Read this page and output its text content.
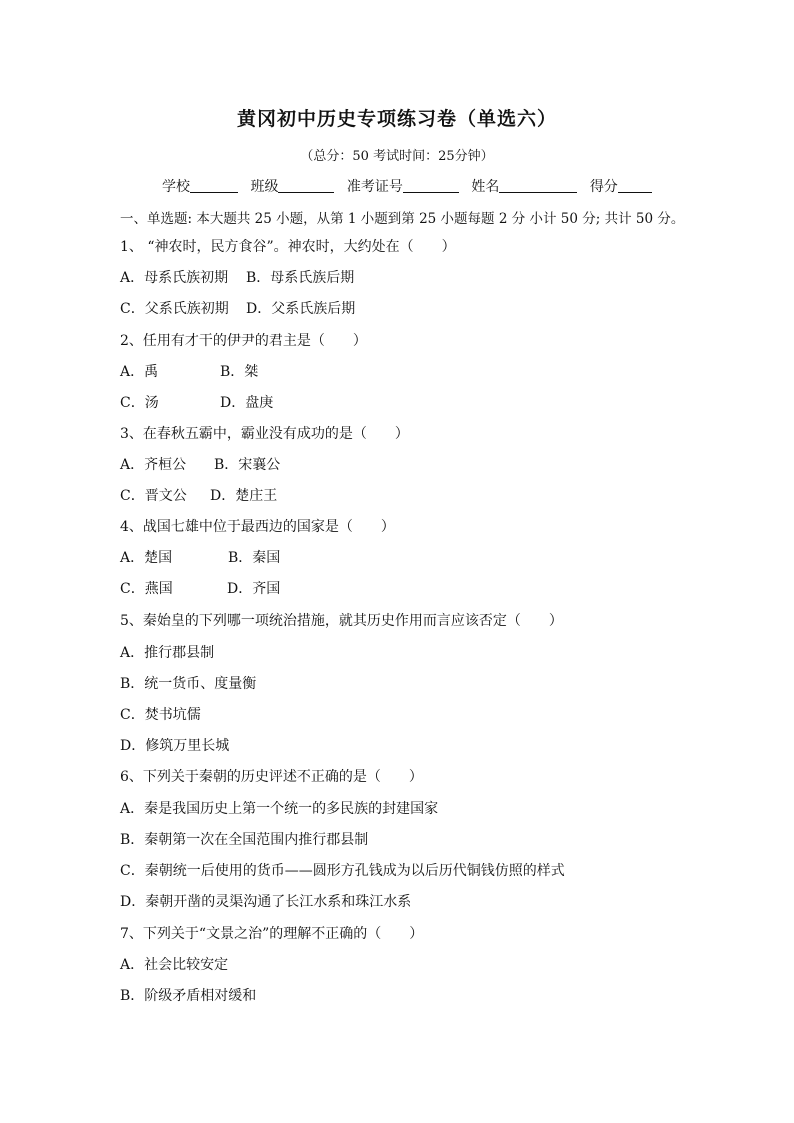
黄冈初中历史专项练习卷（单选六）
（总分：50 考试时间：25分钟）
学校	班级	准考证号	姓名	得分
一、单选题: 本大题共 25 小题，从第 1 小题到第 25 小题每题 2 分 小计 50 分; 共计 50 分。
1、 “神农时，民方食谷”。神农时，大约处在（　　）
A．母系氏族初期 B．母系氏族后期
C．父系氏族初期 D．父系氏族后期
2、任用有才干的伊尹的君主是（　　）
A．禹	B．桀
C．汤	D．盘庚
3、在春秋五霸中，霸业没有成功的是（　　）
A．齐桓公 B．宋襄公
C．晋文公 D．楚庄王
4、战国七雄中位于最西边的国家是（　　）
A．楚国	B．秦国
C．燕国	D．齐国
5、秦始皇的下列哪一项统治措施，就其历史作用而言应该否定（　　）
A．推行郡县制
B．统一货币、度量衡
C．焚书坑儒
D．修筑万里长城
6、下列关于秦朝的历史评述不正确的是（　　）
A．秦是我国历史上第一个统一的多民族的封建国家
B．秦朝第一次在全国范围内推行郡县制
C．秦朝统一后使用的货币——圆形方孔钱成为以后历代铜钱仿照的样式
D．秦朝开凿的灵渠沟通了长江水系和珠江水系
7、下列关于“文景之治”的理解不正确的（　　）
A．社会比较安定
B．阶级矛盾相对缓和
